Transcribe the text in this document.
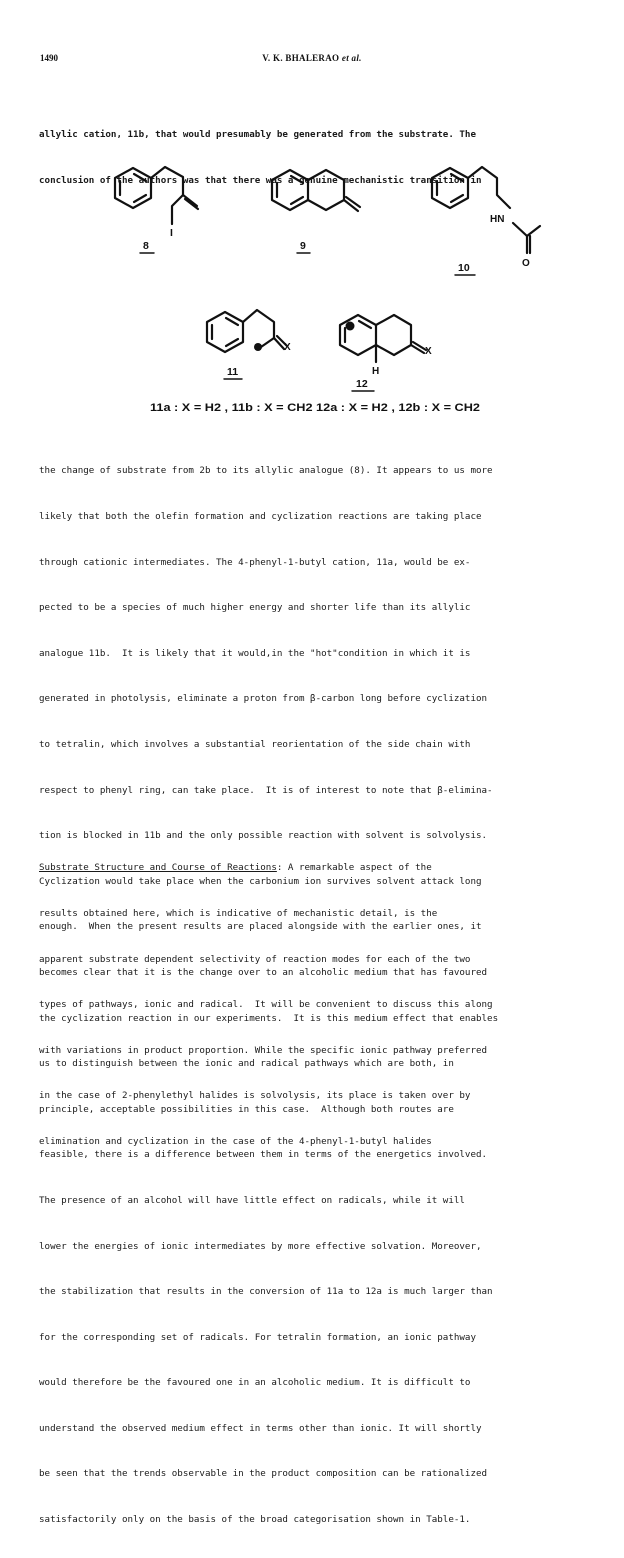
1490	V. K. BHALERAO et al.

allylic cation, 11b, that would presumably be generated from the substrate. The

conclusion of the authors was that there was a genuine mechanistic transition in

I
HN
O
X	X
H
8	9
10
11
12
11a : X = H2 , 11b : X = CH2 12a : X = H2 , 12b : X = CH2

the change of substrate from 2b to its allylic analogue (8). It appears to us more

likely that both the olefin formation and cyclization reactions are taking place

through cationic intermediates. The 4-phenyl-1-butyl cation, 11a, would be ex-

pected to be a species of much higher energy and shorter life than its allylic

analogue 11b.  It is likely that it would,in the "hot"condition in which it is

generated in photolysis, eliminate a proton from β-carbon long before cyclization

to tetralin, which involves a substantial reorientation of the side chain with

respect to phenyl ring, can take place.  It is of interest to note that β-elimina-

tion is blocked in 11b and the only possible reaction with solvent is solvolysis.

Cyclization would take place when the carbonium ion survives solvent attack long

enough.  When the present results are placed alongside with the earlier ones, it

becomes clear that it is the change over to an alcoholic medium that has favoured

the cyclization reaction in our experiments.  It is this medium effect that enables

us to distinguish between the ionic and radical pathways which are both, in

principle, acceptable possibilities in this case.  Although both routes are

feasible, there is a difference between them in terms of the energetics involved.

The presence of an alcohol will have little effect on radicals, while it will

lower the energies of ionic intermediates by more effective solvation. Moreover,

the stabilization that results in the conversion of 11a to 12a is much larger than

for the corresponding set of radicals. For tetralin formation, an ionic pathway

would therefore be the favoured one in an alcoholic medium. It is difficult to

understand the observed medium effect in terms other than ionic. It will shortly

be seen that the trends observable in the product composition can be rationalized

satisfactorily only on the basis of the broad categorisation shown in Table-1.

Substrate Structure and Course of Reactions: A remarkable aspect of the

results obtained here, which is indicative of mechanistic detail, is the

apparent substrate dependent selectivity of reaction modes for each of the two

types of pathways, ionic and radical.  It will be convenient to discuss this along

with variations in product proportion. While the specific ionic pathway preferred

in the case of 2-phenylethyl halides is solvolysis, its place is taken over by

elimination and cyclization in the case of the 4-phenyl-1-butyl halides
